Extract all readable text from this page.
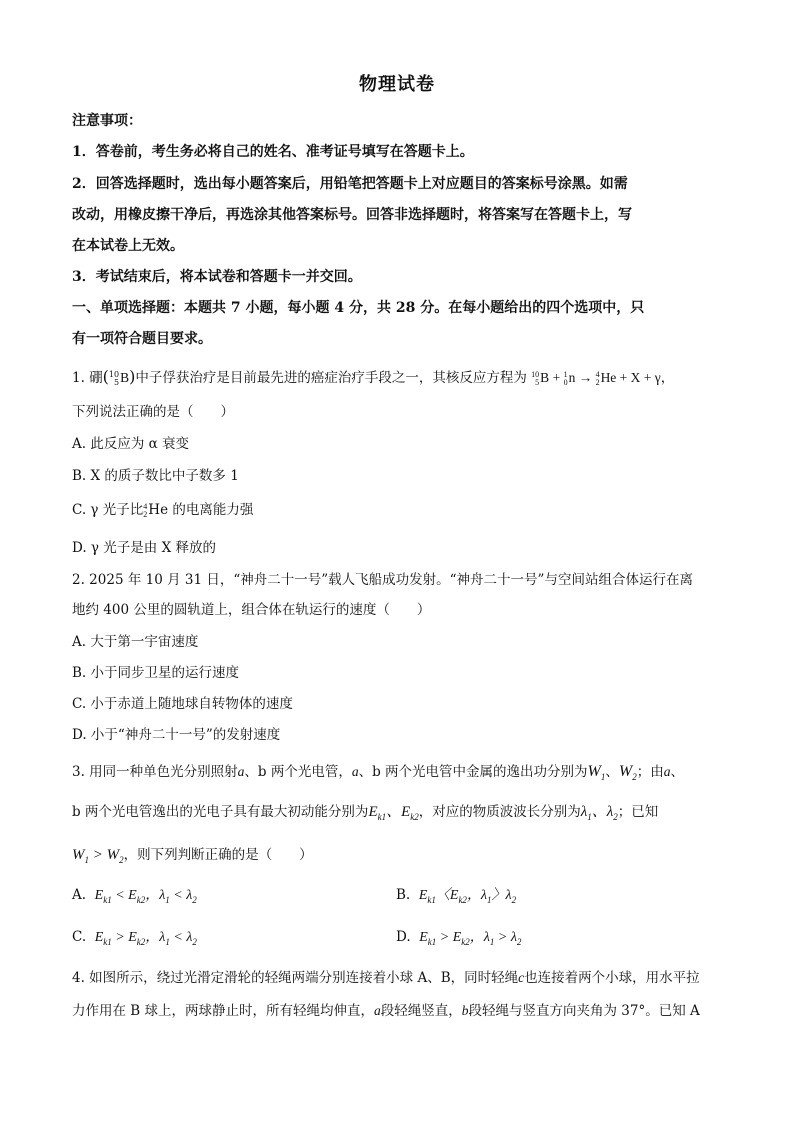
物理试卷
注意事项：
1．答卷前，考生务必将自己的姓名、准考证号填写在答题卡上。
2．回答选择题时，选出每小题答案后，用铅笔把答题卡上对应题目的答案标号涂黑。如需
改动，用橡皮擦干净后，再选涂其他答案标号。回答非选择题时，将答案写在答题卡上，写
在本试卷上无效。
3．考试结束后，将本试卷和答题卡一并交回。
一、单项选择题：本题共 7 小题，每小题 4 分，共 28 分。在每小题给出的四个选项中，只
有一项符合题目要求。
1. 硼( 10
5 B)中子俘获治疗是目前最先进的癌症治疗手段之一，其核反应方程为 10
5 B + 1
0 n → 4
2 He + X + γ，
下列说法正确的是（　　）
A. 此反应为 α 衰变
B. X 的质子数比中子数多 1
C. γ 光子比 4
2 He 的电离能力强
D. γ 光子是由 X 释放的
2. 2025 年 10 月 31 日，“神舟二十一号”载人飞船成功发射。“神舟二十一号”与空间站组合体运行在离
地约 400 公里的圆轨道上，组合体在轨运行的速度（　　）
A. 大于第一宇宙速度
B. 小于同步卫星的运行速度
C. 小于赤道上随地球自转物体的速度
D. 小于“神舟二十一号”的发射速度
3. 用同一种单色光分别照射a、b 两个光电管，a、b 两个光电管中金属的逸出功分别为$W_1$、$W_2$；由a、
b 两个光电管逸出的光电子具有最大初动能分别为$E_{k1}$、$E_{k2}$，对应的物质波波长分别为$\lambda_1$、$\lambda_2$；已知
$W_1 > W_2$，则下列判断正确的是（　　）
A. $E_{k1} < E_{k2}$，$\lambda_1 < \lambda_2$	B. $E_{k1}$〈$E_{k2}$，$\lambda_1$〉$\lambda_2$
C. $E_{k1} > E_{k2}$，$\lambda_1 < \lambda_2$	D. $E_{k1} > E_{k2}$，$\lambda_1 > \lambda_2$
4. 如图所示，绕过光滑定滑轮的轻绳两端分别连接着小球 A、B，同时轻绳c也连接着两个小球，用水平拉
力作用在 B 球上，两球静止时，所有轻绳均伸直，a段轻绳竖直，b段轻绳与竖直方向夹角为 37°。已知 A
